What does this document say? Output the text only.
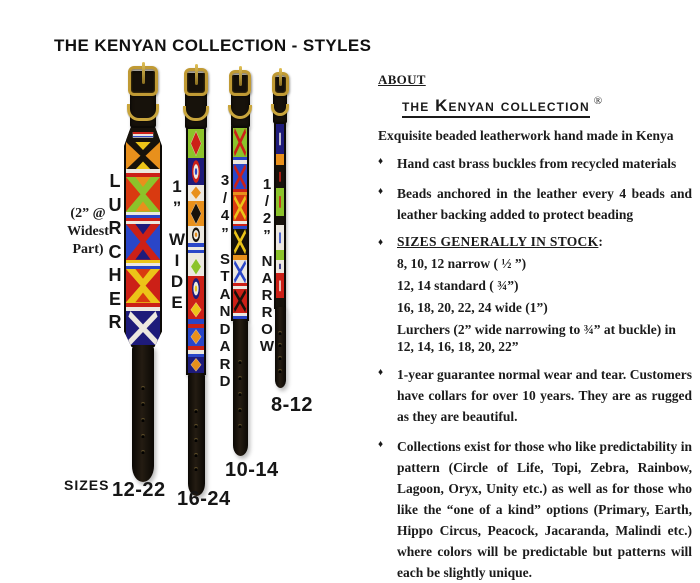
THE KENYAN COLLECTION - STYLES
L
U
R
C
H
E
R
12-22
1
”
W
I
D
E
16-24
3
/
4
”
S
T
A
N
D
A
R
D
10-14
1
/
2
”
N
A
R
R
O
W
8-12
(2” @
Widest
Part)
SIZES
ABOUT
the Kenyan collection ®
Exquisite beaded leatherwork hand made in Kenya
♦	Hand cast brass buckles from recycled materials
♦	Beads anchored in the leather every 4 beads and leather backing added to protect beading
♦	SIZES GENERALLY IN STOCK:
8, 10, 12 narrow ( ½ ”)
12, 14 standard ( ¾”)
16, 18, 20, 22, 24 wide (1”)
Lurchers (2” wide narrowing to ¾” at buckle) in 12, 14, 16, 18, 20, 22”
♦	1-year guarantee normal wear and tear. Customers have collars for over 10 years. They are as rugged as they are beautiful.
♦	Collections exist for those who like predictability in pattern (Circle of Life, Topi, Zebra, Rainbow, Lagoon, Oryx, Unity etc.) as well as for those who like the “one of a kind” options (Primary, Earth, Hippo Circus, Peacock, Jacaranda, Malindi etc.) where colors will be predictable but patterns will each be slightly unique.
